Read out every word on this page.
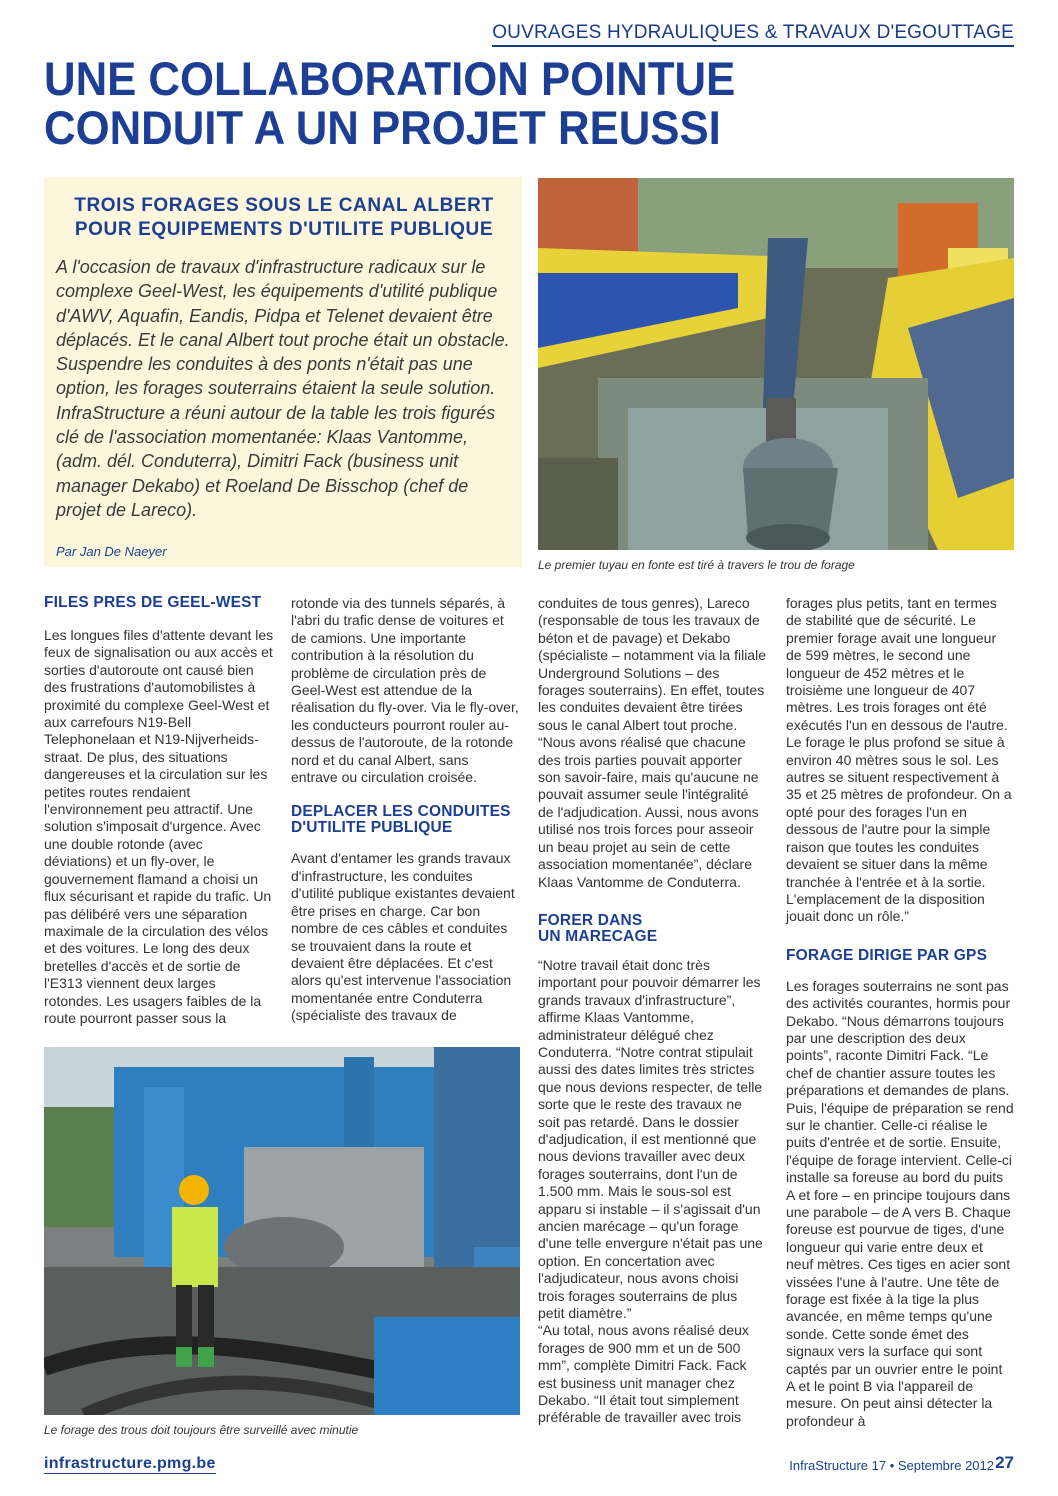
OUVRAGES HYDRAULIQUES & TRAVAUX D'EGOUTTAGE
UNE COLLABORATION POINTUE
CONDUIT A UN PROJET REUSSI
TROIS FORAGES SOUS LE CANAL ALBERT
POUR EQUIPEMENTS D'UTILITE PUBLIQUE
A l'occasion de travaux d'infrastructure radicaux sur le complexe Geel-West, les équipements d'utilité publique d'AWV, Aquafin, Eandis, Pidpa et Telenet devaient être déplacés. Et le canal Albert tout proche était un obstacle. Suspendre les conduites à des ponts n'était pas une option, les forages souterrains étaient la seule solution. InfraStructure a réuni autour de la table les trois figurés clé de l'association momentanée: Klaas Vantomme, (adm. dél. Conduterra), Dimitri Fack (business unit manager Dekabo) et Roeland De Bisschop (chef de projet de Lareco).
Par Jan De Naeyer
Le premier tuyau en fonte est tiré à travers le trou de forage
Le forage des trous doit toujours être surveillé avec minutie
FILES PRES DE GEEL-WEST

Les longues files d'attente devant les feux de signalisation ou aux accès et sorties d'autoroute ont causé bien des frustrations d'automobilistes à proximité du complexe Geel-West et aux carrefours N19-Bell Telephonelaan et N19-Nijverheids-straat. De plus, des situations dangereuses et la circulation sur les petites routes rendaient l'environnement peu attractif. Une solution s'imposait d'urgence. Avec une double rotonde (avec déviations) et un fly-over, le gouvernement flamand a choisi un flux sécurisant et rapide du trafic. Un pas délibéré vers une séparation maximale de la circulation des vélos et des voitures. Le long des deux bretelles d'accès et de sortie de l'E313 viennent deux larges rotondes. Les usagers faibles de la route pourront passer sous la

rotonde via des tunnels séparés, à l'abri du trafic dense de voitures et de camions. Une importante contribution à la résolution du problème de circulation près de Geel-West est attendue de la réalisation du fly-over. Via le fly-over, les conducteurs pourront rouler au-dessus de l'autoroute, de la rotonde nord et du canal Albert, sans entrave ou circulation croisée.

DEPLACER LES CONDUITES
D'UTILITE PUBLIQUE

Avant d'entamer les grands travaux d'infrastructure, les conduites d'utilité publique existantes devaient être prises en charge. Car bon nombre de ces câbles et conduites se trouvaient dans la route et devaient être déplacées. Et c'est alors qu'est intervenue l'association momentanée entre Conduterra (spécialiste des travaux de

conduites de tous genres), Lareco (responsable de tous les travaux de béton et de pavage) et Dekabo (spécialiste – notamment via la filiale Underground Solutions – des forages souterrains). En effet, toutes les conduites devaient être tirées sous le canal Albert tout proche. “Nous avons réalisé que chacune des trois parties pouvait apporter son savoir-faire, mais qu'aucune ne pouvait assumer seule l'intégralité de l'adjudication. Aussi, nous avons utilisé nos trois forces pour asseoir un beau projet au sein de cette association momentanée”, déclare Klaas Vantomme de Conduterra.

FORER DANS
UN MARECAGE

“Notre travail était donc très important pour pouvoir démarrer les grands travaux d'infrastructure”, affirme Klaas Vantomme, administrateur délégué chez Conduterra. “Notre contrat stipulait aussi des dates limites très strictes que nous devions respecter, de telle sorte que le reste des travaux ne soit pas retardé. Dans le dossier d'adjudication, il est mentionné que nous devions travailler avec deux forages souterrains, dont l'un de 1.500 mm. Mais le sous-sol est apparu si instable – il s'agissait d'un ancien marécage – qu'un forage d'une telle envergure n'était pas une option. En concertation avec l'adjudicateur, nous avons choisi trois forages souterrains de plus petit diamètre.”

“Au total, nous avons réalisé deux forages de 900 mm et un de 500 mm”, complète Dimitri Fack. Fack est business unit manager chez Dekabo. “Il était tout simplement préférable de travailler avec trois

forages plus petits, tant en termes de stabilité que de sécurité. Le premier forage avait une longueur de 599 mètres, le second une longueur de 452 mètres et le troisième une longueur de 407 mètres. Les trois forages ont été exécutés l'un en dessous de l'autre. Le forage le plus profond se situe à environ 40 mètres sous le sol. Les autres se situent respectivement à 35 et 25 mètres de profondeur. On a opté pour des forages l'un en dessous de l'autre pour la simple raison que toutes les conduites devaient se situer dans la même tranchée à l'entrée et à la sortie. L'emplacement de la disposition jouait donc un rôle.”

FORAGE DIRIGE PAR GPS

Les forages souterrains ne sont pas des activités courantes, hormis pour Dekabo. “Nous démarrons toujours par une description des deux points”, raconte Dimitri Fack. “Le chef de chantier assure toutes les préparations et demandes de plans. Puis, l'équipe de préparation se rend sur le chantier. Celle-ci réalise le puits d'entrée et de sortie. Ensuite, l'équipe de forage intervient. Celle-ci installe sa foreuse au bord du puits A et fore – en principe toujours dans une parabole – de A vers B. Chaque foreuse est pourvue de tiges, d'une longueur qui varie entre deux et neuf mètres. Ces tiges en acier sont vissées l'une à l'autre. Une tête de forage est fixée à la tige la plus avancée, en même temps qu'une sonde. Cette sonde émet des signaux vers la surface qui sont captés par un ouvrier entre le point A et le point B via l'appareil de mesure. On peut ainsi détecter la profondeur à

infrastructure.pmg.be	InfraStructure 17 • Septembre 2012 27
